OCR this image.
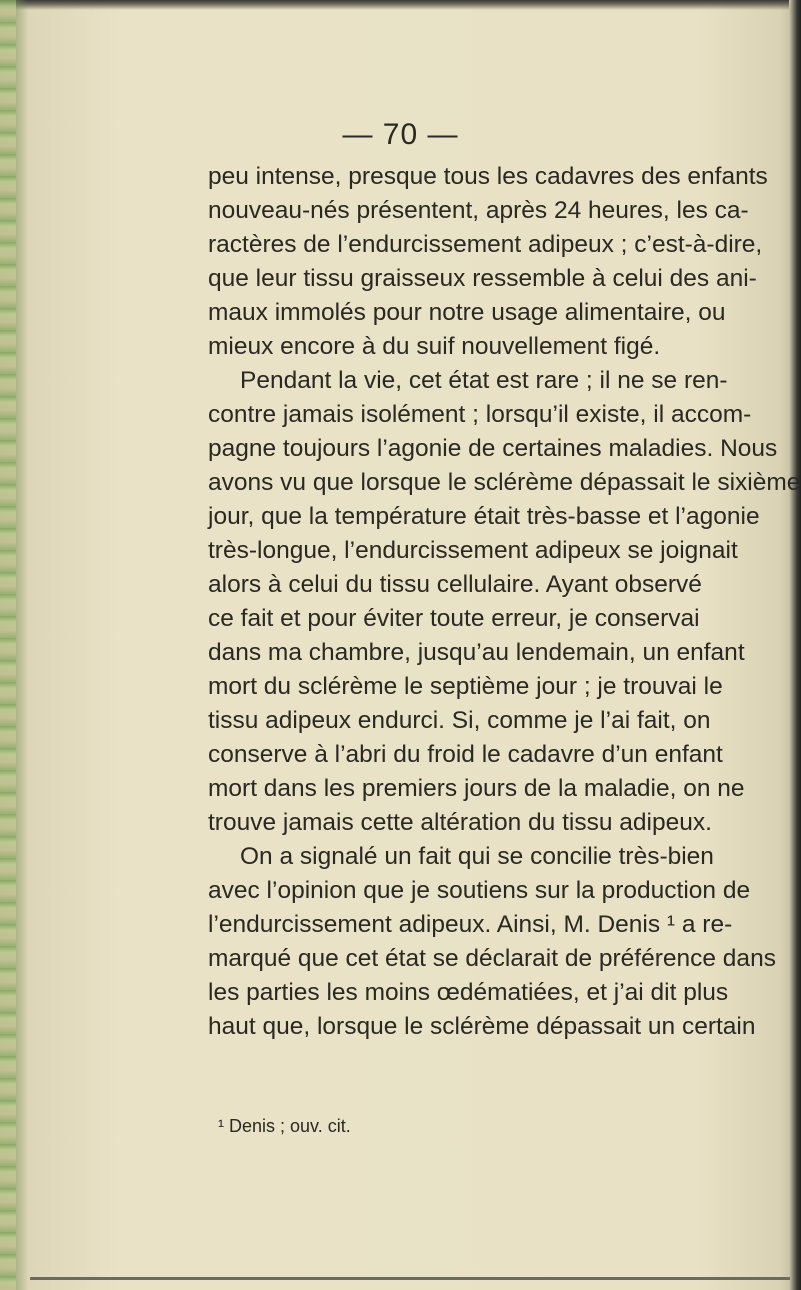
— 70 —
peu intense, presque tous les cadavres des enfants
nouveau-nés présentent, après 24 heures, les ca-
ractères de l’endurcissement adipeux ; c’est-à-dire,
que leur tissu graisseux ressemble à celui des ani-
maux immolés pour notre usage alimentaire, ou
mieux encore à du suif nouvellement figé.
Pendant la vie, cet état est rare ; il ne se ren-
contre jamais isolément ; lorsqu’il existe, il accom-
pagne toujours l’agonie de certaines maladies. Nous
avons vu que lorsque le sclérème dépassait le sixième
jour, que la température était très-basse et l’agonie
très-longue, l’endurcissement adipeux se joignait
alors à celui du tissu cellulaire. Ayant observé
ce fait et pour éviter toute erreur, je conservai
dans ma chambre, jusqu’au lendemain, un enfant
mort du sclérème le septième jour ; je trouvai le
tissu adipeux endurci. Si, comme je l’ai fait, on
conserve à l’abri du froid le cadavre d’un enfant
mort dans les premiers jours de la maladie, on ne
trouve jamais cette altération du tissu adipeux.
On a signalé un fait qui se concilie très-bien
avec l’opinion que je soutiens sur la production de
l’endurcissement adipeux. Ainsi, M. Denis ¹ a re-
marqué que cet état se déclarait de préférence dans
les parties les moins œdématiées, et j’ai dit plus
haut que, lorsque le sclérème dépassait un certain
¹ Denis ; ouv. cit.
